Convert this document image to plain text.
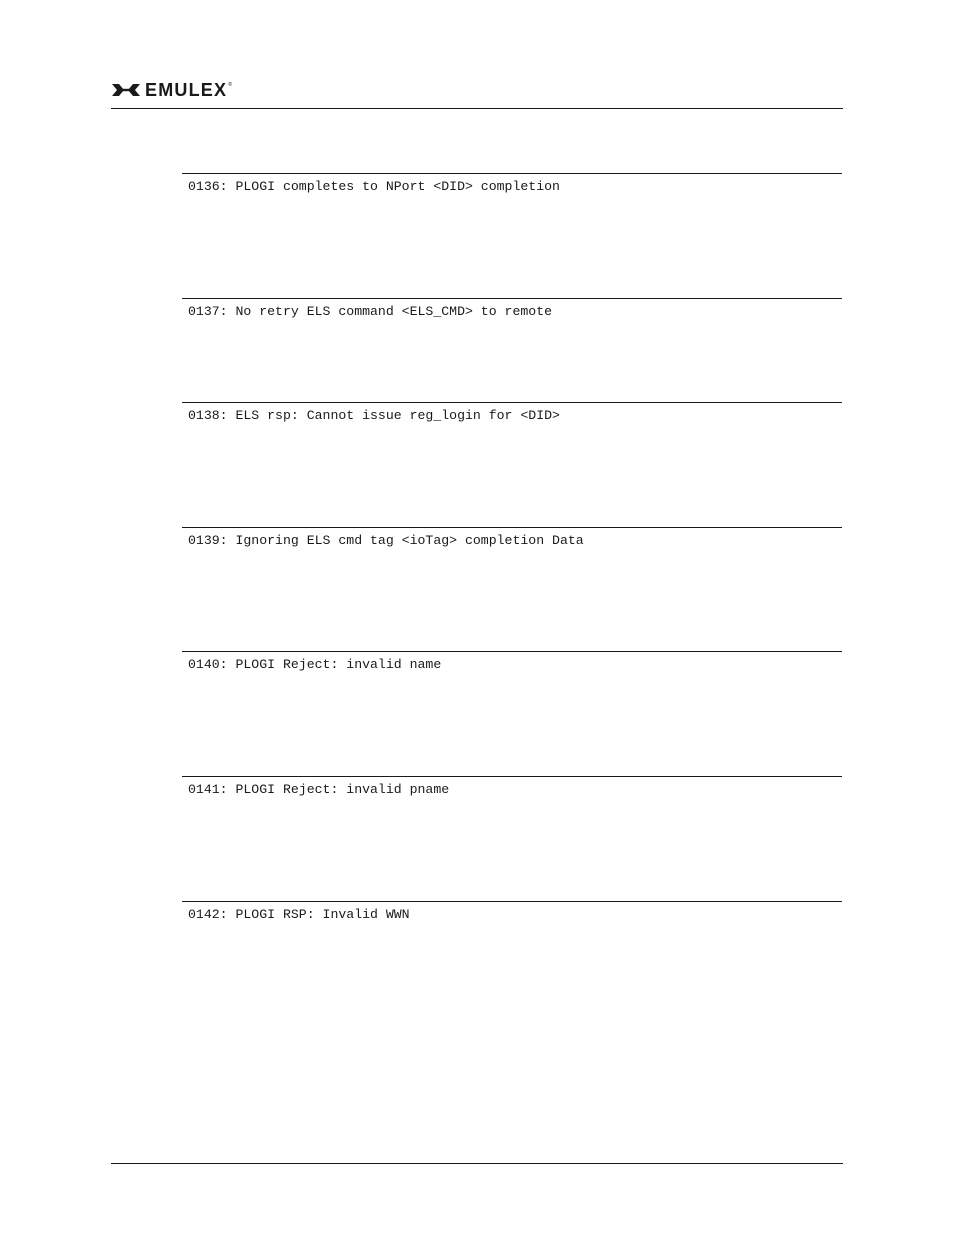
EMULEX ®
0136: PLOGI completes to NPort <DID> completion
0137: No retry ELS command <ELS_CMD> to remote
0138: ELS rsp: Cannot issue reg_login for <DID>
0139: Ignoring ELS cmd tag <ioTag> completion Data
0140: PLOGI Reject: invalid name
0141: PLOGI Reject: invalid pname
0142: PLOGI RSP: Invalid WWN
